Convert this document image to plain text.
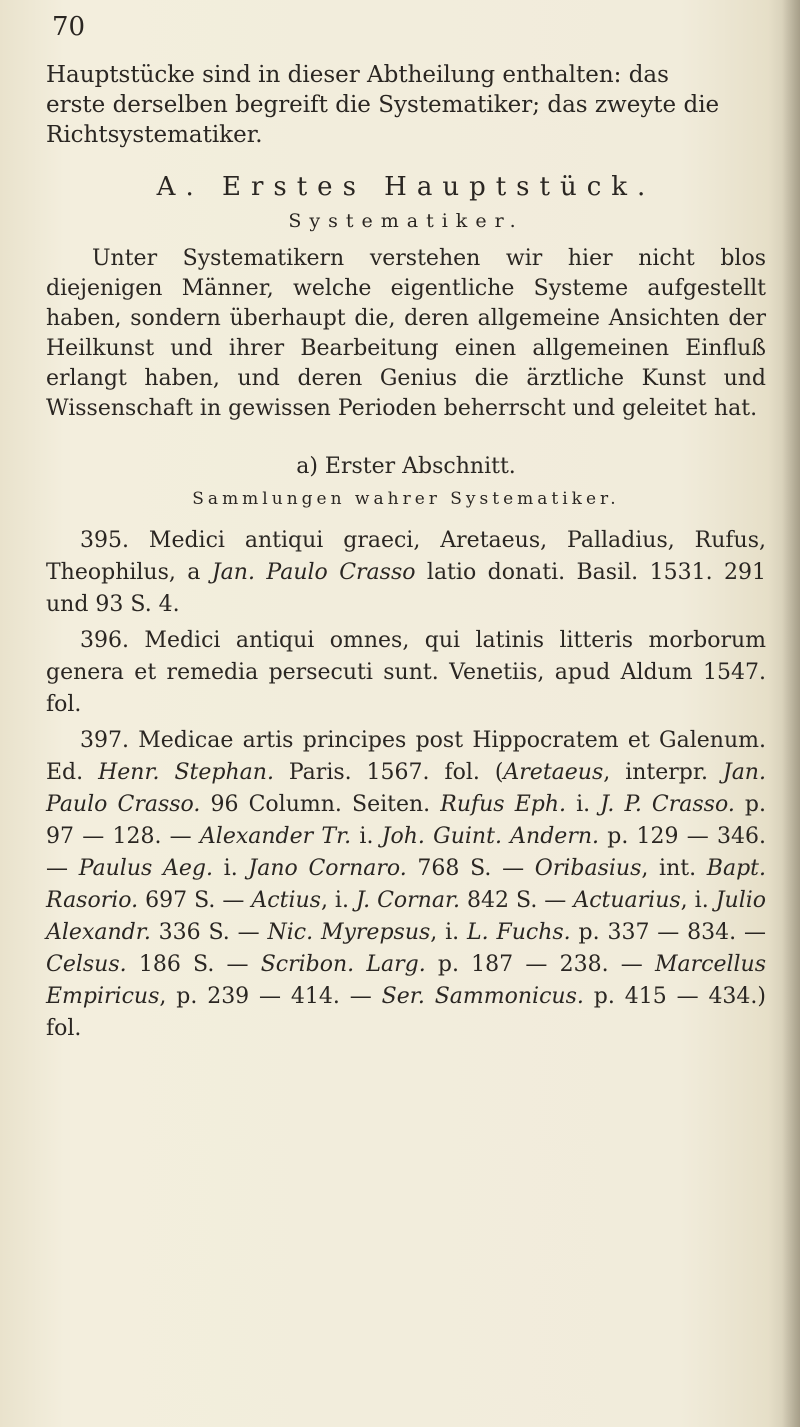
70

Hauptstücke sind in dieser Abtheilung enthalten: das

erste derselben begreift die Systematiker; das zweyte die

Richtsystematiker.

A. Erstes Hauptstück.
Systematiker.

Unter Systematikern verstehen wir hier nicht blos diejenigen Männer, welche eigentliche Systeme aufgestellt haben, sondern überhaupt die, deren allgemeine Ansichten der Heilkunst und ihrer Bearbeitung einen allgemeinen Einfluß erlangt haben, und deren Genius die ärztliche Kunst und Wissenschaft in gewissen Perioden beherrscht und geleitet hat.

a) Erster Abschnitt.
Sammlungen wahrer Systematiker.

395. Medici antiqui graeci, Aretaeus, Palladius, Rufus, Theophilus, a Jan. Paulo Crasso latio donati. Basil. 1531. 291 und 93 S. 4.

396. Medici antiqui omnes, qui latinis litteris morborum genera et remedia persecuti sunt. Venetiis, apud Aldum 1547. fol.

397. Medicae artis principes post Hippocratem et Galenum. Ed. Henr. Stephan. Paris. 1567. fol. (Aretaeus, interpr. Jan. Paulo Crasso. 96 Column. Seiten. Rufus Eph. i. J. P. Crasso. p. 97 — 128. — Alexander Tr. i. Joh. Guint. Andern. p. 129 — 346. — Paulus Aeg. i. Jano Cornaro. 768 S. — Oribasius, int. Bapt. Rasorio. 697 S. — Actius, i. J. Cornar. 842 S. — Actuarius, i. Julio Alexandr. 336 S. — Nic. Myrepsus, i. L. Fuchs. p. 337 — 834. — Celsus. 186 S. — Scribon. Larg. p. 187 — 238. — Marcellus Empiricus, p. 239 — 414. — Ser. Sammonicus. p. 415 — 434.) fol.
